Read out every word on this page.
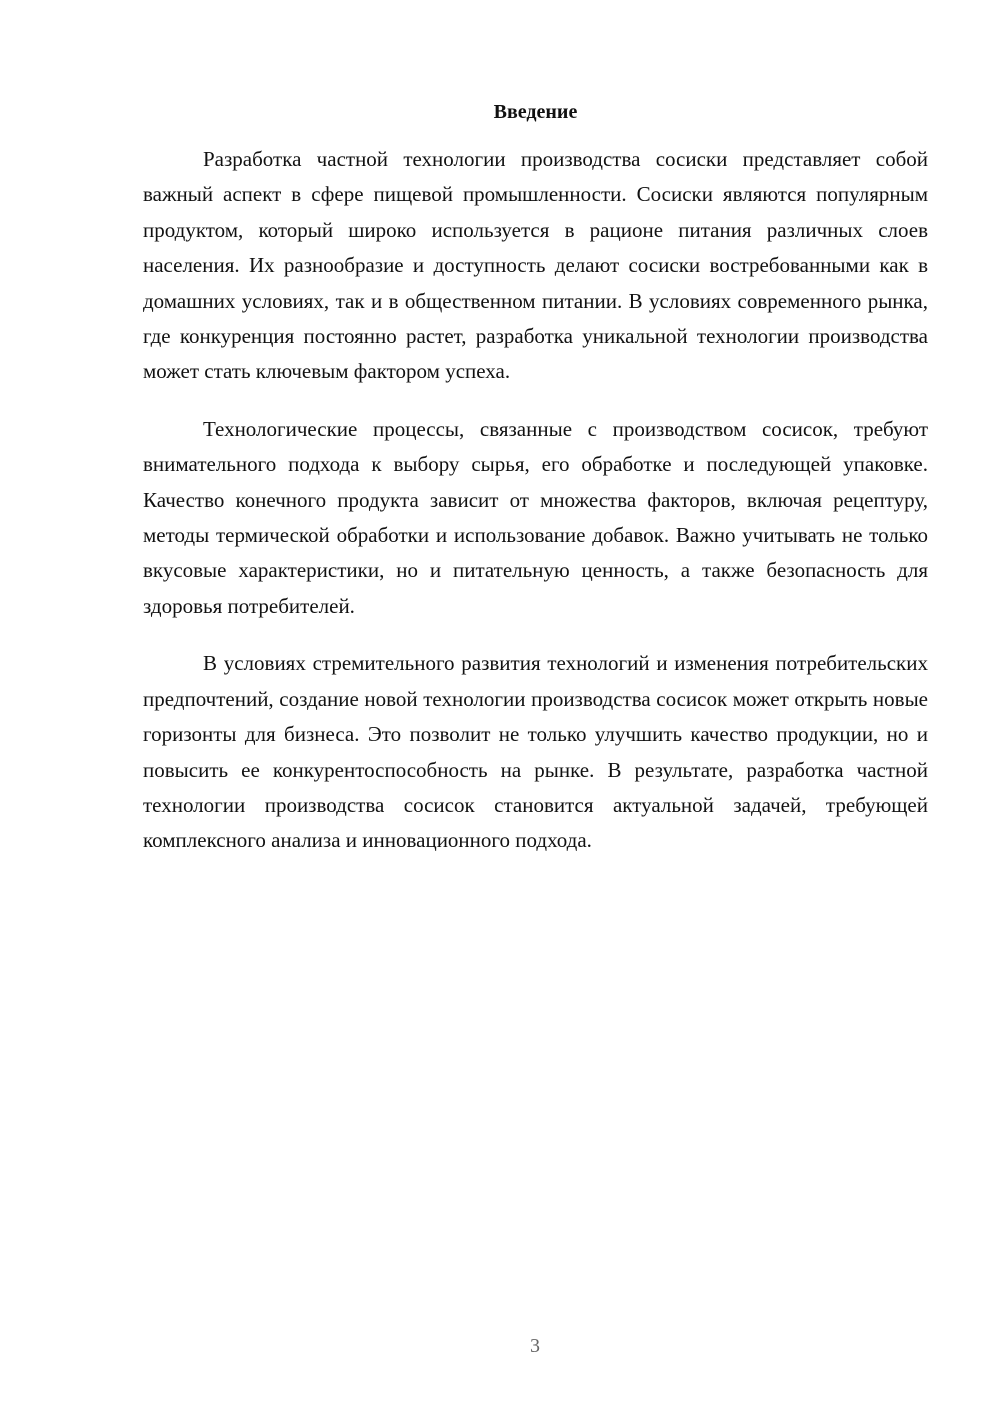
Введение

Разработка частной технологии производства сосиски представляет собой важный аспект в сфере пищевой промышленности. Сосиски являются популярным продуктом, который широко используется в рационе питания различных слоев населения. Их разнообразие и доступность делают сосиски востребованными как в домашних условиях, так и в общественном питании. В условиях современного рынка, где конкуренция постоянно растет, разработка уникальной технологии производства может стать ключевым фактором успеха.

Технологические процессы, связанные с производством сосисок, требуют внимательного подхода к выбору сырья, его обработке и последующей упаковке. Качество конечного продукта зависит от множества факторов, включая рецептуру, методы термической обработки и использование добавок. Важно учитывать не только вкусовые характеристики, но и питательную ценность, а также безопасность для здоровья потребителей.

В условиях стремительного развития технологий и изменения потребительских предпочтений, создание новой технологии производства сосисок может открыть новые горизонты для бизнеса. Это позволит не только улучшить качество продукции, но и повысить ее конкурентоспособность на рынке. В результате, разработка частной технологии производства сосисок становится актуальной задачей, требующей комплексного анализа и инновационного подхода.

3
